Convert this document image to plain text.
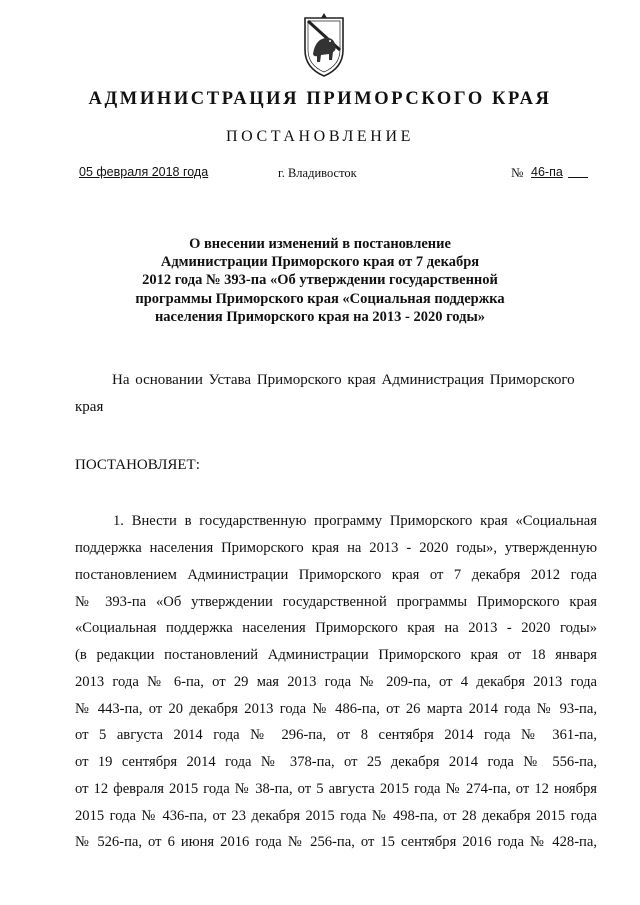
АДМИНИСТРАЦИЯ ПРИМОРСКОГО КРАЯ
ПОСТАНОВЛЕНИЕ
05 февраля 2018 года	г. Владивосток	№ 46-па
О внесении изменений в постановление
Администрации Приморского края от 7 декабря
2012 года № 393-па «Об утверждении государственной
программы Приморского края «Социальная поддержка
населения Приморского края на 2013 - 2020 годы»
На основании Устава Приморского края Администрация Приморского
края
ПОСТАНОВЛЯЕТ:
1. Внести в государственную программу Приморского края «Социальная
поддержка населения Приморского края на 2013 - 2020 годы», утвержденную
постановлением Администрации Приморского края от 7 декабря 2012 года
№ 393-па «Об утверждении государственной программы Приморского края
«Социальная поддержка населения Приморского края на 2013 - 2020 годы»
(в редакции постановлений Администрации Приморского края от 18 января
2013 года № 6-па, от 29 мая 2013 года № 209-па, от 4 декабря 2013 года
№ 443-па, от 20 декабря 2013 года № 486-па, от 26 марта 2014 года № 93-па,
от 5 августа 2014 года № 296-па, от 8 сентября 2014 года № 361-па,
от 19 сентября 2014 года № 378-па, от 25 декабря 2014 года № 556-па,
от 12 февраля 2015 года № 38-па, от 5 августа 2015 года № 274-па, от 12 ноября
2015 года № 436-па, от 23 декабря 2015 года № 498-па, от 28 декабря 2015 года
№ 526-па, от 6 июня 2016 года № 256-па, от 15 сентября 2016 года № 428-па,
